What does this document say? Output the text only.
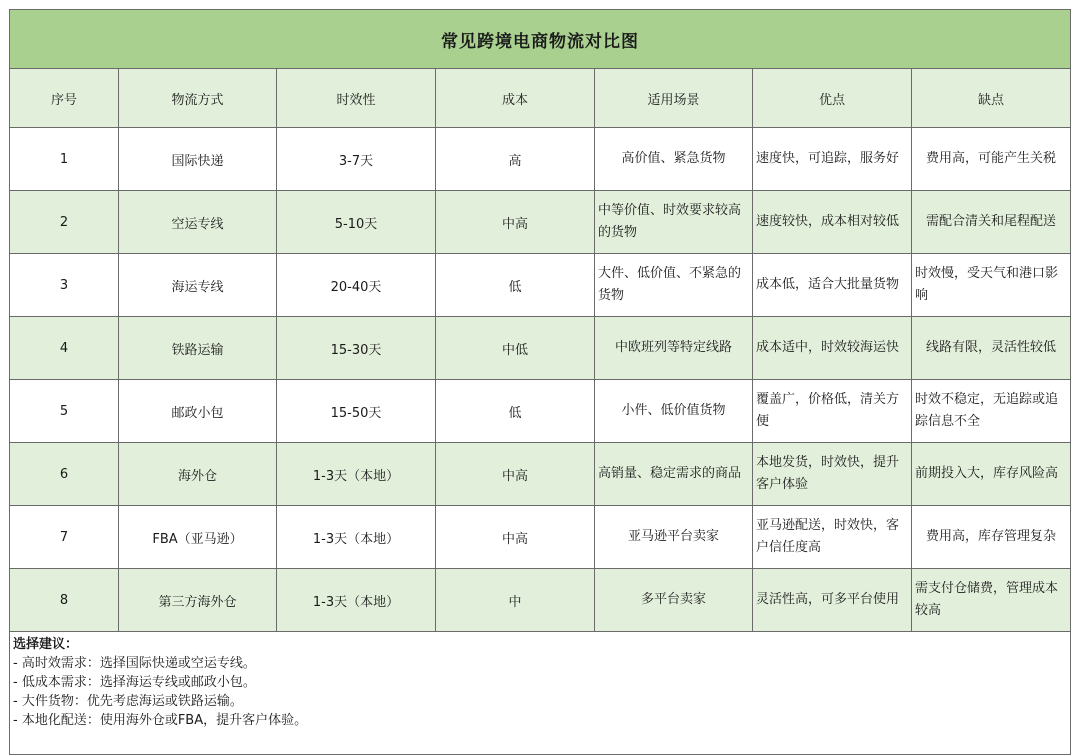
常见跨境电商物流对比图						
序号	物流方式	时效性	成本	适用场景	优点	缺点
1	国际快递	3-7天	高	高价值、紧急货物	速度快，可追踪，服务好	费用高，可能产生关税
2	空运专线	5-10天	中高	中等价值、时效要求较高的货物	速度较快，成本相对较低	需配合清关和尾程配送
3	海运专线	20-40天	低	大件、低价值、不紧急的货物	成本低，适合大批量货物	时效慢，受天气和港口影响
4	铁路运输	15-30天	中低	中欧班列等特定线路	成本适中，时效较海运快	线路有限，灵活性较低
5	邮政小包	15-50天	低	小件、低价值货物	覆盖广，价格低，清关方便	时效不稳定，无追踪或追踪信息不全
6	海外仓	1-3天（本地）	中高	高销量、稳定需求的商品	本地发货，时效快，提升客户体验	前期投入大，库存风险高
7	FBA（亚马逊）	1-3天（本地）	中高	亚马逊平台卖家	亚马逊配送，时效快，客户信任度高	费用高，库存管理复杂
8	第三方海外仓	1-3天（本地）	中	多平台卖家	灵活性高，可多平台使用	需支付仓储费，管理成本较高

选择建议：
- 高时效需求：选择国际快递或空运专线。
- 低成本需求：选择海运专线或邮政小包。
- 大件货物：优先考虑海运或铁路运输。
- 本地化配送：使用海外仓或FBA，提升客户体验。						
